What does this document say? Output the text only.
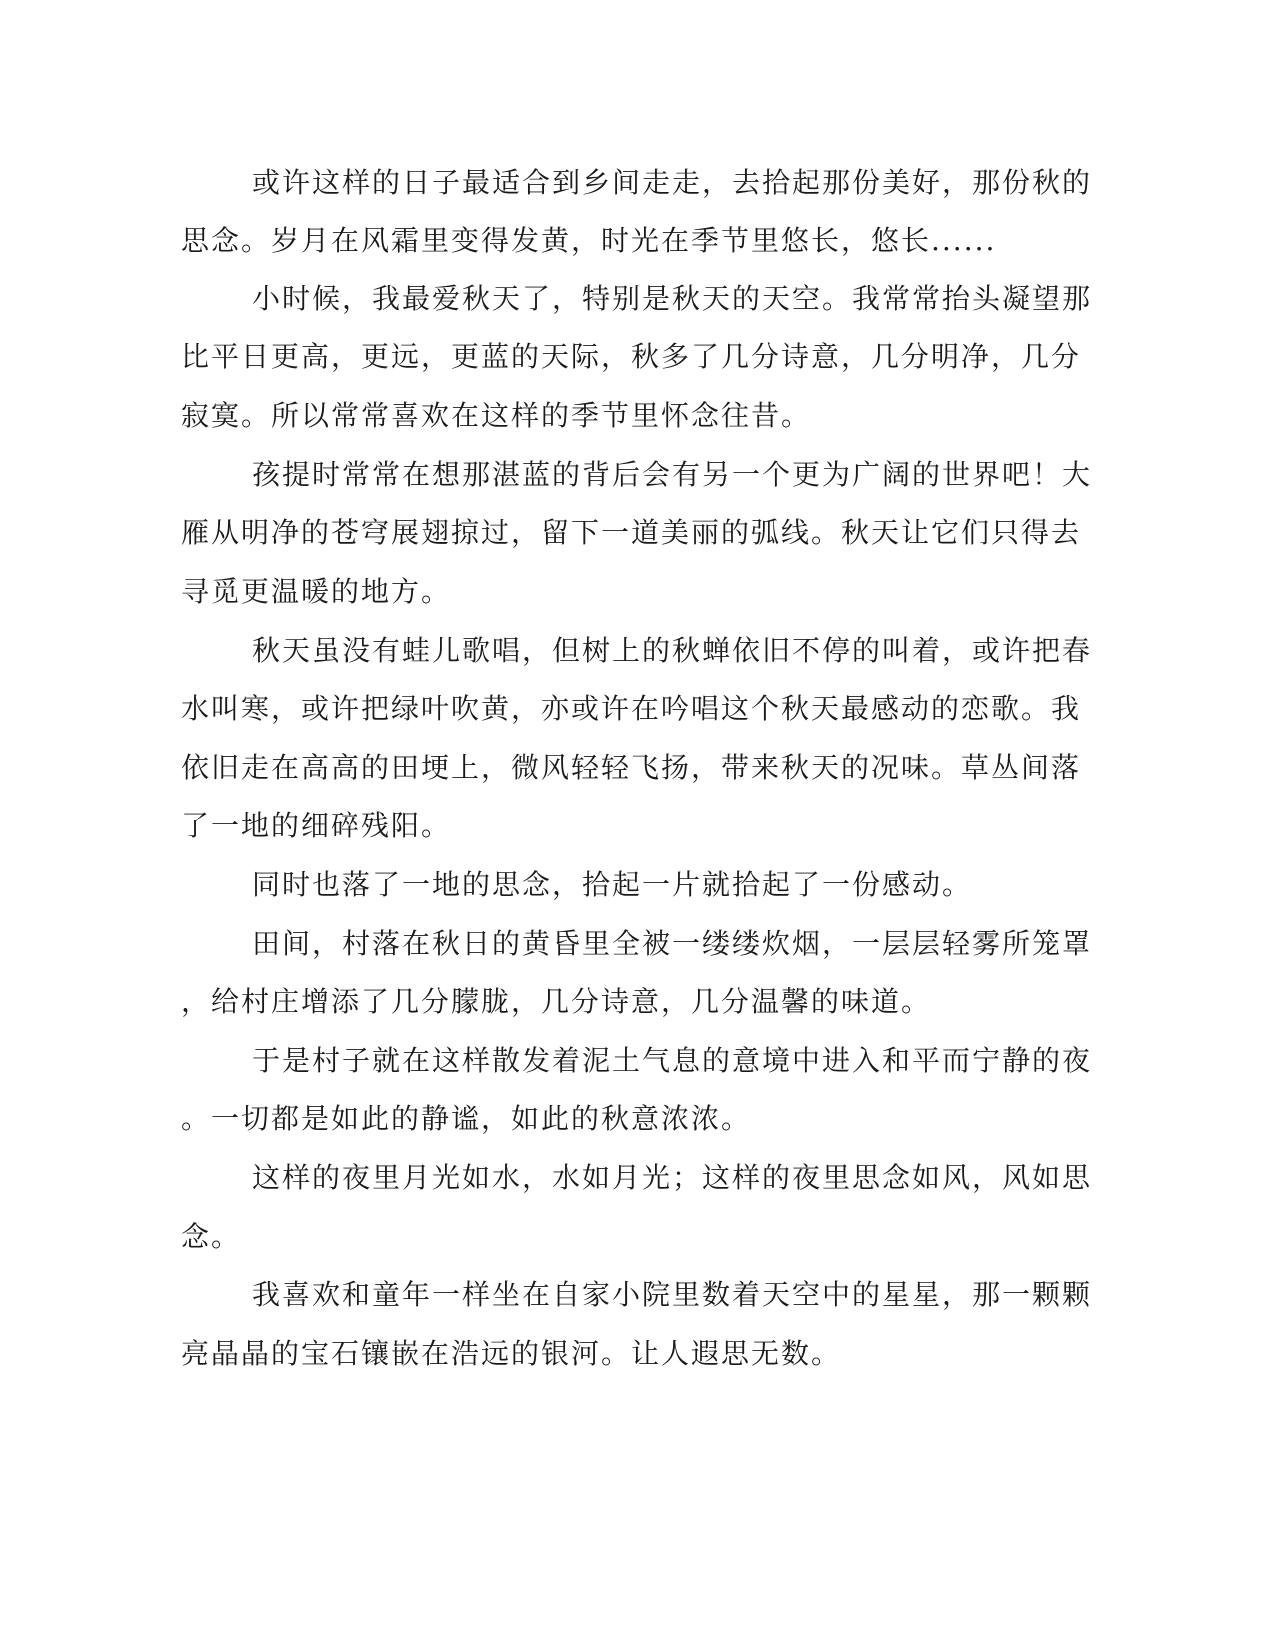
或许这样的日子最适合到乡间走走，去拾起那份美好，那份秋的

思念。岁月在风霜里变得发黄，时光在季节里悠长，悠长......

小时候，我最爱秋天了，特别是秋天的天空。我常常抬头凝望那

比平日更高，更远，更蓝的天际，秋多了几分诗意，几分明净，几分

寂寞。所以常常喜欢在这样的季节里怀念往昔。

孩提时常常在想那湛蓝的背后会有另一个更为广阔的世界吧！大

雁从明净的苍穹展翅掠过，留下一道美丽的弧线。秋天让它们只得去

寻觅更温暖的地方。

秋天虽没有蛙儿歌唱，但树上的秋蝉依旧不停的叫着，或许把春

水叫寒，或许把绿叶吹黄，亦或许在吟唱这个秋天最感动的恋歌。我

依旧走在高高的田埂上，微风轻轻飞扬，带来秋天的况味。草丛间落

了一地的细碎残阳。

同时也落了一地的思念，拾起一片就拾起了一份感动。

田间，村落在秋日的黄昏里全被一缕缕炊烟，一层层轻雾所笼罩

，给村庄增添了几分朦胧，几分诗意，几分温馨的味道。

于是村子就在这样散发着泥土气息的意境中进入和平而宁静的夜

。一切都是如此的静谧，如此的秋意浓浓。

这样的夜里月光如水，水如月光；这样的夜里思念如风，风如思

念。

我喜欢和童年一样坐在自家小院里数着天空中的星星，那一颗颗

亮晶晶的宝石镶嵌在浩远的银河。让人遐思无数。
